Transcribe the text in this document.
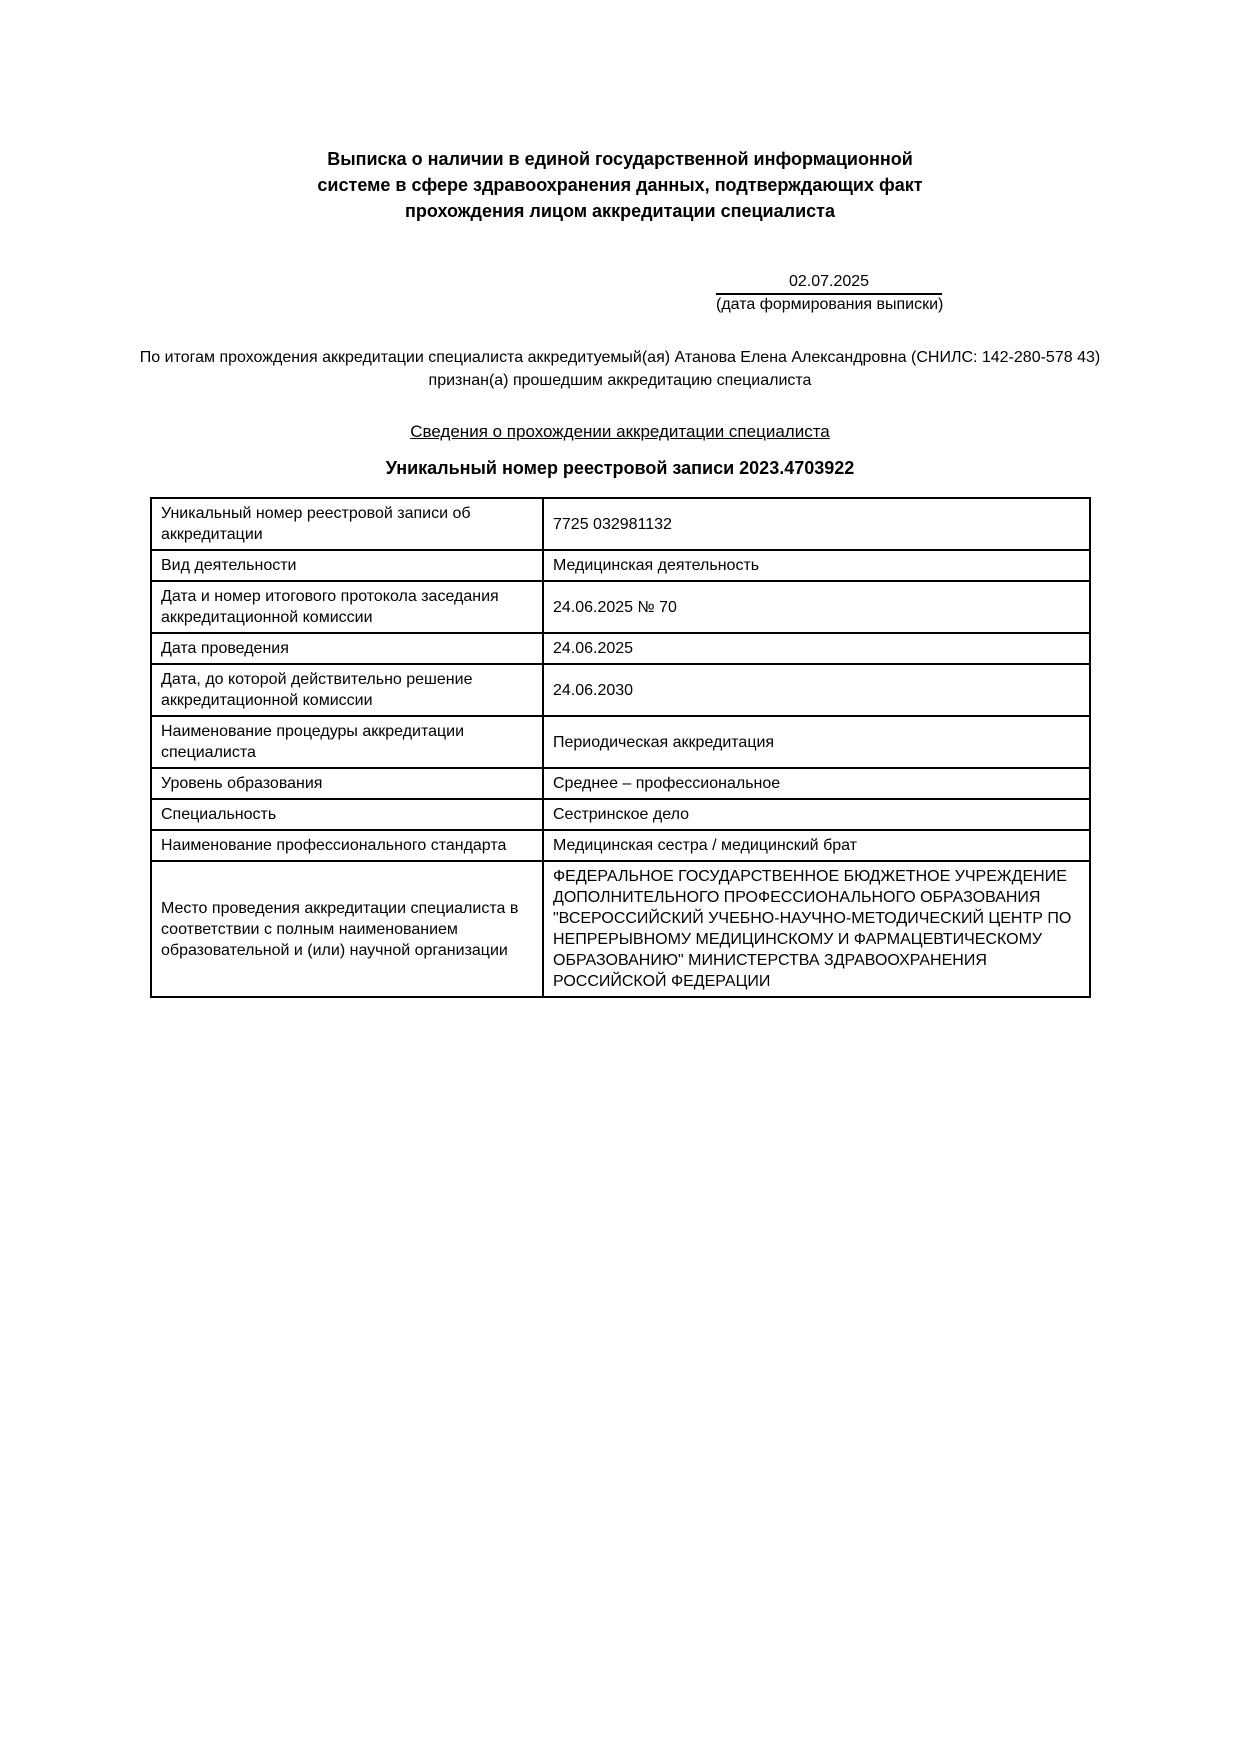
Выписка о наличии в единой государственной информационной системе в сфере здравоохранения данных, подтверждающих факт прохождения лицом аккредитации специалиста
02.07.2025
(дата формирования выписки)
По итогам прохождения аккредитации специалиста аккредитуемый(ая) Атанова Елена Александровна (СНИЛС: 142-280-578 43) признан(а) прошедшим аккредитацию специалиста
Сведения о прохождении аккредитации специалиста
Уникальный номер реестровой записи 2023.4703922
Уникальный номер реестровой записи об аккредитации	7725 032981132
Вид деятельности	Медицинская деятельность
Дата и номер итогового протокола заседания аккредитационной комиссии	24.06.2025 № 70
Дата проведения	24.06.2025
Дата, до которой действительно решение аккредитационной комиссии	24.06.2030
Наименование процедуры аккредитации специалиста	Периодическая аккредитация
Уровень образования	Среднее – профессиональное
Специальность	Сестринское дело
Наименование профессионального стандарта	Медицинская сестра / медицинский брат
Место проведения аккредитации специалиста в соответствии с полным наименованием образовательной и (или) научной организации	ФЕДЕРАЛЬНОЕ ГОСУДАРСТВЕННОЕ БЮДЖЕТНОЕ УЧРЕЖДЕНИЕ ДОПОЛНИТЕЛЬНОГО ПРОФЕССИОНАЛЬНОГО ОБРАЗОВАНИЯ "ВСЕРОССИЙСКИЙ УЧЕБНО-НАУЧНО-МЕТОДИЧЕСКИЙ ЦЕНТР ПО НЕПРЕРЫВНОМУ МЕДИЦИНСКОМУ И ФАРМАЦЕВТИЧЕСКОМУ ОБРАЗОВАНИЮ" МИНИСТЕРСТВА ЗДРАВООХРАНЕНИЯ РОССИЙСКОЙ ФЕДЕРАЦИИ
